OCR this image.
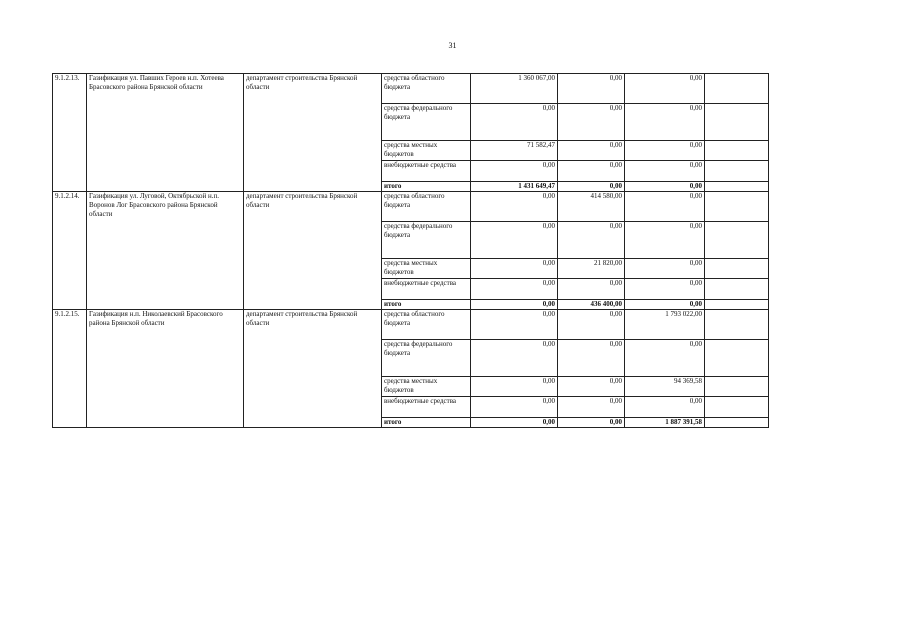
31
9.1.2.13.	Газификация ул. Павших Героев н.п. Хотеева Брасовского района Брянской области	департамент строительства Брянской области	средства областного бюджета	1 360 067,00	0,00	0,00	
			средства федерального бюджета	0,00	0,00	0,00	
			средства местных бюджетов	71 582,47	0,00	0,00	
			внебюджетные средства	0,00	0,00	0,00	
			итого	1 431 649,47	0,00	0,00	
9.1.2.14.	Газификация ул. Луговой, Октябрьской н.п. Воронов Лог Брасовского района Брянской области	департамент строительства Брянской области	средства областного бюджета	0,00	414 580,00	0,00	
			средства федерального бюджета	0,00	0,00	0,00	
			средства местных бюджетов	0,00	21 820,00	0,00	
			внебюджетные средства	0,00	0,00	0,00	
			итого	0,00	436 400,00	0,00	
9.1.2.15.	Газификация н.п. Николаевский Брасовского района Брянской области	департамент строительства Брянской области	средства областного бюджета	0,00	0,00	1 793 022,00	
			средства федерального бюджета	0,00	0,00	0,00	
			средства местных бюджетов	0,00	0,00	94 369,58	
			внебюджетные средства	0,00	0,00	0,00	
			итого	0,00	0,00	1 887 391,58	
